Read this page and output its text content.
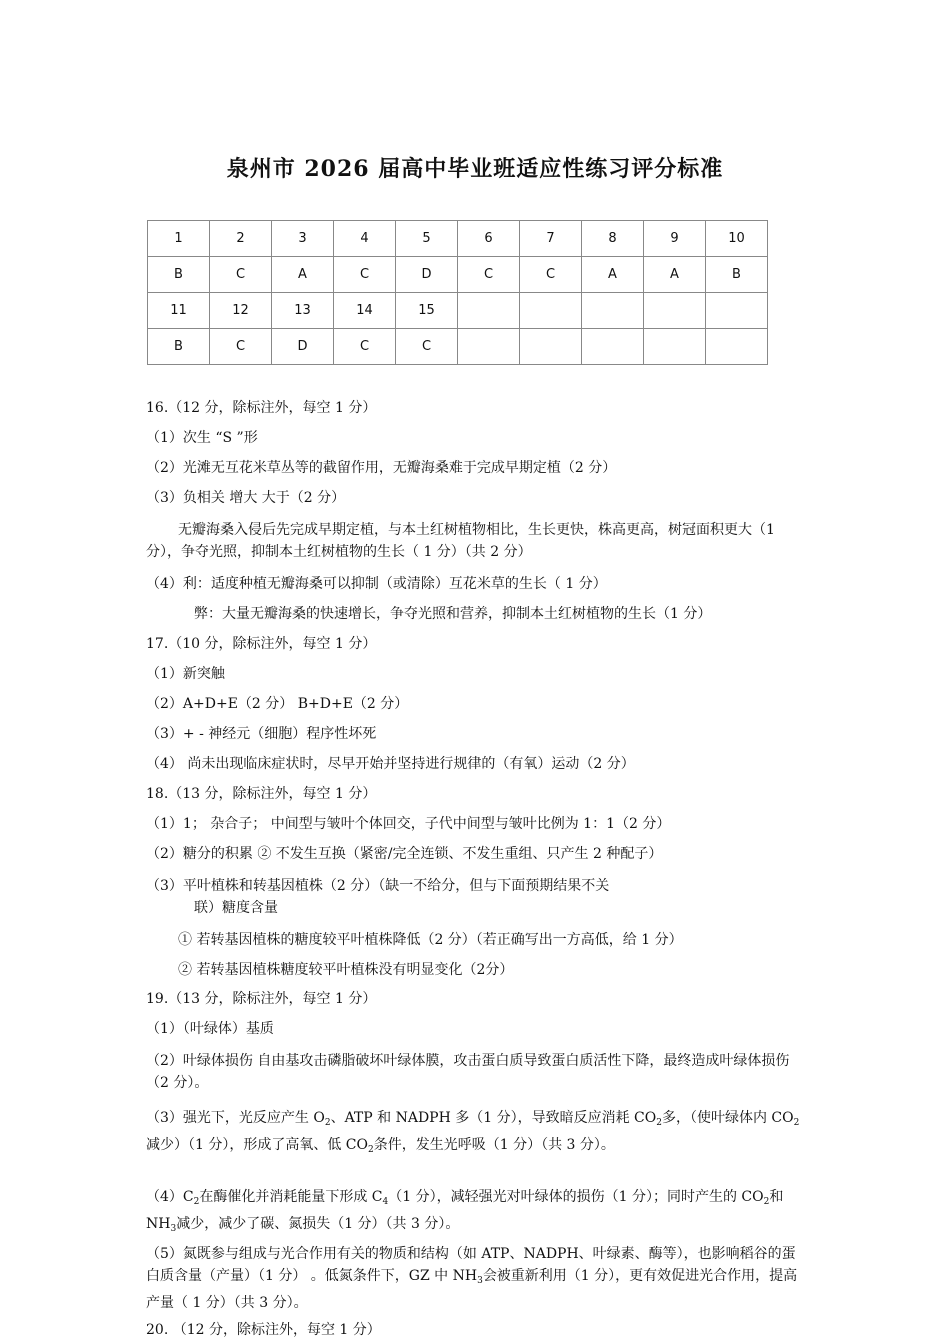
泉州市 2026 届高中毕业班适应性练习评分标准
1	2	3	4	5	6	7	8	9	10
B	C	A	C	D	C	C	A	A	B
11	12	13	14	15					
B	C	D	C	C					
16.（12 分，除标注外，每空 1 分）
（1）次生 “S ”形
（2）光滩无互花米草丛等的截留作用，无瓣海桑难于完成早期定植（2 分）
（3）负相关 增大 大于（2 分）
无瓣海桑入侵后先完成早期定植，与本土红树植物相比，生长更快，株高更高，树冠面积更大（1 分），争夺光照，抑制本土红树植物的生长（ 1 分）（共 2 分）
（4）利：适度种植无瓣海桑可以抑制（或清除）互花米草的生长（ 1 分）
弊：大量无瓣海桑的快速增长，争夺光照和营养，抑制本土红树植物的生长（1 分）
17.（10 分，除标注外，每空 1 分）
（1）新突触
（2）A+D+E（2 分） B+D+E（2 分）
（3）+ - 神经元（细胞）程序性坏死
（4） 尚未出现临床症状时，尽早开始并坚持进行规律的（有氧）运动（2 分）
18.（13 分，除标注外，每空 1 分）
（1）1； 杂合子； 中间型与皱叶个体回交，子代中间型与皱叶比例为 1：1（2 分）
（2）糖分的积累 ② 不发生互换（紧密/完全连锁、不发生重组、只产生 2 种配子）
（3）平叶植株和转基因植株（2 分）（缺一不给分，但与下面预期结果不关
联）糖度含量
① 若转基因植株的糖度较平叶植株降低（2 分）（若正确写出一方高低，给 1 分）
② 若转基因植株糖度较平叶植株没有明显变化（2分）
19.（13 分，除标注外，每空 1 分）
（1）（叶绿体）基质
（2）叶绿体损伤 自由基攻击磷脂破坏叶绿体膜，攻击蛋白质导致蛋白质活性下降，最终造成叶绿体损伤（2 分）。
（3）强光下，光反应产生 $O_2$、ATP 和 NADPH 多（1 分），导致暗反应消耗 $CO_2$多，（使叶绿体内 $CO_2$减少）（1 分），形成了高氧、低 $CO_2$条件，发生光呼吸（1 分）（共 3 分）。
$(4)C_2$在酶催化并消耗能量下形成 $C_4(1$ 分），减轻强光对叶绿体的损伤（1 分）；同时产生的 $CO_2$和 $NH_3$减少，减少了碳、氮损失（1 分）（共 3 分）。
（5）氮既参与组成与光合作用有关的物质和结构（如 ATP、NADPH、叶绿素、酶等），也影响稻谷的蛋白质含量（产量）（1 分） 。低氮条件下，GZ 中 $NH_3$会被重新利用（1 分），更有效促进光合作用，提高产量（ 1 分）（共 3 分）。
20. （12 分，除标注外，每空 1 分）
